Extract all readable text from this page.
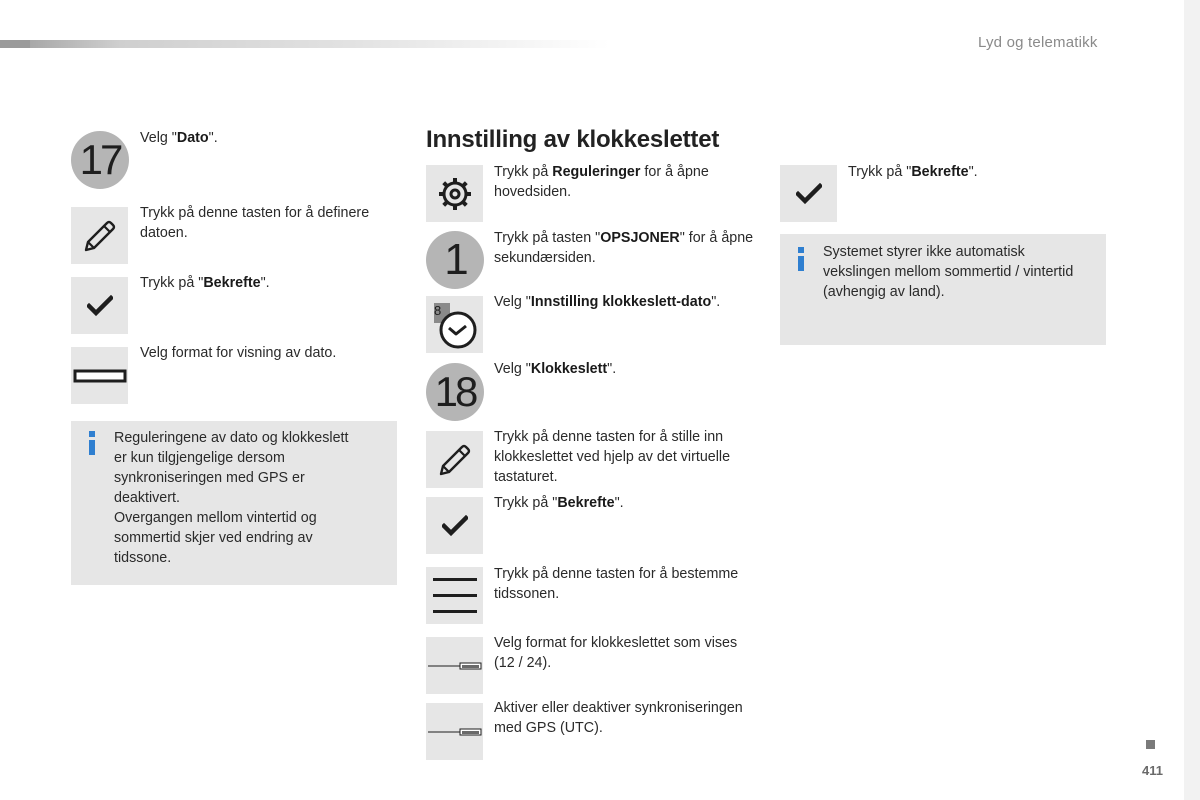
Lyd og telematikk
17	Velg "Dato".
Trykk på denne tasten for å definere datoen.
Trykk på "Bekrefte".
Velg format for visning av dato.
Reguleringene av dato og klokkeslett
er kun tilgjengelige dersom
synkroniseringen med GPS er
deaktivert.
Overgangen mellom vintertid og
sommertid skjer ved endring av
tidssone.
Innstilling av klokkeslettet
Trykk på Reguleringer for å åpne hovedsiden.
1	Trykk på tasten "OPSJONER" for å åpne sekundærsiden.
8
Velg "Innstilling klokkeslett-dato".
18	Velg "Klokkeslett".
Trykk på denne tasten for å stille inn klokkeslettet ved hjelp av det virtuelle tastaturet.
Trykk på "Bekrefte".
Trykk på denne tasten for å bestemme tidssonen.
Velg format for klokkeslettet som vises (12 / 24).
Aktiver eller deaktiver synkroniseringen med GPS (UTC).
Trykk på "Bekrefte".
Systemet styrer ikke automatisk
vekslingen mellom sommertid / vintertid
(avhengig av land).
411
